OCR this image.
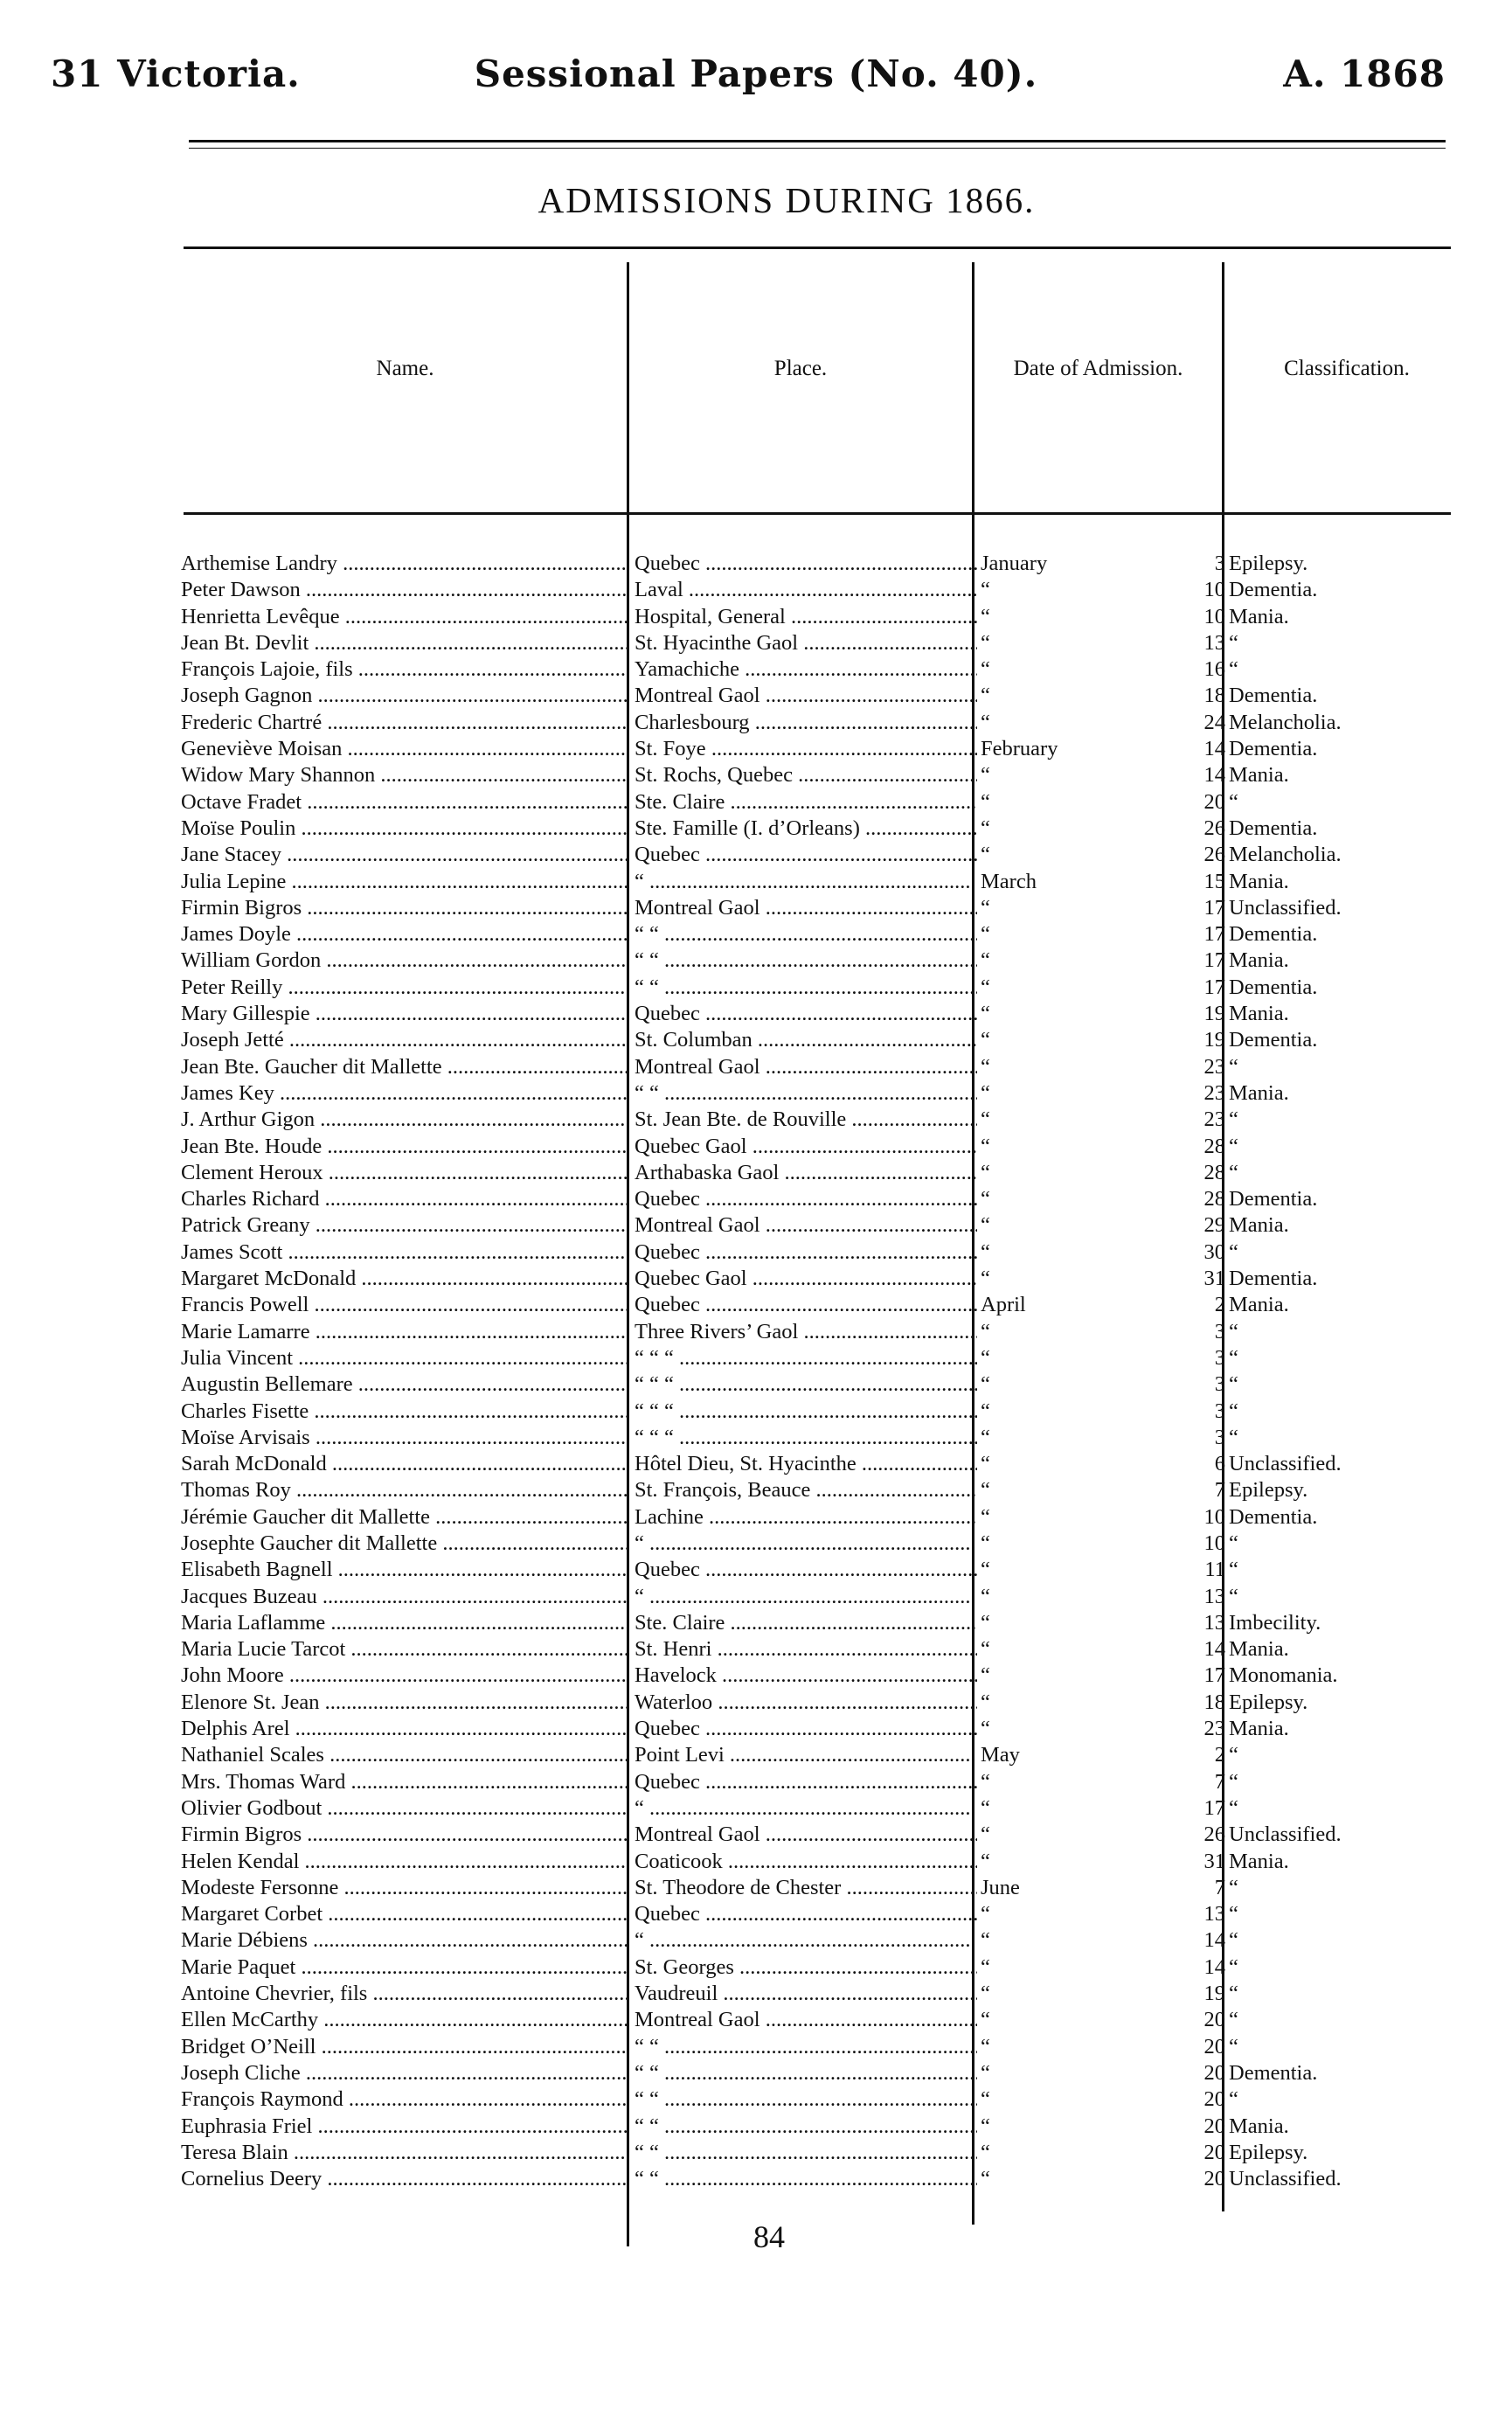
31 Victoria.	Sessional Papers (No. 40).	A. 1868
ADMISSIONS DURING 1866.
Name.	Place.	Date of Admission.	Classification.
Arthemise Landry .....	Quebec .....	January	3 Epilepsy.
Peter Dawson .....	Laval .....	“	10 Dementia.
Henrietta Levêque .....	Hospital, General .....	“	10 Mania.
Jean Bt. Devlit .....	St. Hyacinthe Gaol .....	“	13 “
François Lajoie, fils .....	Yamachiche .....	“	16 “
Joseph Gagnon .....	Montreal Gaol .....	“	18 Dementia.
Frederic Chartré .....	Charlesbourg .....	“	24 Melancholia.
Geneviève Moisan .....	St. Foye .....	February	14 Dementia.
Widow Mary Shannon .....	St. Rochs, Quebec .....	“	14 Mania.
Octave Fradet .....	Ste. Claire .....	“	20 “
Moïse Poulin .....	Ste. Famille (I. d’Orleans) .....	“	26 Dementia.
Jane Stacey .....	Quebec .....	“	26 Melancholia.
Julia Lepine .....	“ .....	March	15 Mania.
Firmin Bigros .....	Montreal Gaol .....	“	17 Unclassified.
James Doyle .....	“ “ .....	“	17 Dementia.
William Gordon .....	“ “ .....	“	17 Mania.
Peter Reilly .....	“ “ .....	“	17 Dementia.
Mary Gillespie .....	Quebec .....	“	19 Mania.
Joseph Jetté .....	St. Columban .....	“	19 Dementia.
Jean Bte. Gaucher dit Mallette .....	Montreal Gaol .....	“	23 “
James Key .....	“ “ .....	“	23 Mania.
J. Arthur Gigon .....	St. Jean Bte. de Rouville .....	“	23 “
Jean Bte. Houde .....	Quebec Gaol .....	“	28 “
Clement Heroux .....	Arthabaska Gaol .....	“	28 “
Charles Richard .....	Quebec .....	“	28 Dementia.
Patrick Greany .....	Montreal Gaol .....	“	29 Mania.
James Scott .....	Quebec .....	“	30 “
Margaret McDonald .....	Quebec Gaol .....	“	31 Dementia.
Francis Powell .....	Quebec .....	April	2 Mania.
Marie Lamarre .....	Three Rivers’ Gaol .....	“	3 “
Julia Vincent .....	“ “ “ .....	“	3 “
Augustin Bellemare .....	“ “ “ .....	“	3 “
Charles Fisette .....	“ “ “ .....	“	3 “
Moïse Arvisais .....	“ “ “ .....	“	3 “
Sarah McDonald .....	Hôtel Dieu, St. Hyacinthe .....	“	6 Unclassified.
Thomas Roy .....	St. François, Beauce .....	“	7 Epilepsy.
Jérémie Gaucher dit Mallette .....	Lachine .....	“	10 Dementia.
Josephte Gaucher dit Mallette .....	“ .....	“	10 “
Elisabeth Bagnell .....	Quebec .....	“	11 “
Jacques Buzeau .....	“ .....	“	13 “
Maria Laflamme .....	Ste. Claire .....	“	13 Imbecility.
Maria Lucie Tarcot .....	St. Henri .....	“	14 Mania.
John Moore .....	Havelock .....	“	17 Monomania.
Elenore St. Jean .....	Waterloo .....	“	18 Epilepsy.
Delphis Arel .....	Quebec .....	“	23 Mania.
Nathaniel Scales .....	Point Levi .....	May	2 “
Mrs. Thomas Ward .....	Quebec .....	“	7 “
Olivier Godbout .....	“ .....	“	17 “
Firmin Bigros .....	Montreal Gaol .....	“	26 Unclassified.
Helen Kendal .....	Coaticook .....	“	31 Mania.
Modeste Fersonne .....	St. Theodore de Chester .....	June	7 “
Margaret Corbet .....	Quebec .....	“	13 “
Marie Débiens .....	“ .....	“	14 “
Marie Paquet .....	St. Georges .....	“	14 “
Antoine Chevrier, fils .....	Vaudreuil .....	“	19 “
Ellen McCarthy .....	Montreal Gaol .....	“	20 “
Bridget O’Neill .....	“ “ .....	“	20 “
Joseph Cliche .....	“ “ .....	“	20 Dementia.
François Raymond .....	“ “ .....	“	20 “
Euphrasia Friel .....	“ “ .....	“	20 Mania.
Teresa Blain .....	“ “ .....	“	20 Epilepsy.
Cornelius Deery .....	“ “ .....	“	20 Unclassified.
84
